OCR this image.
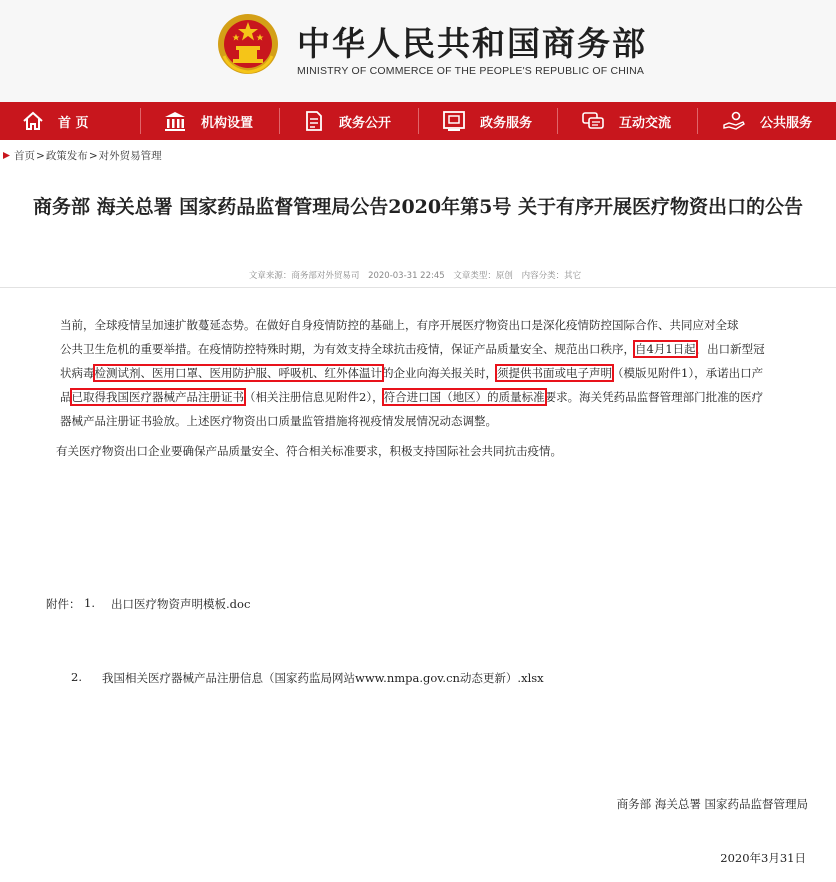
中华人民共和国商务部
MINISTRY OF COMMERCE OF THE PEOPLE'S REPUBLIC OF CHINA
首 页	机构设置	政务公开	政务服务	互动交流	公共服务
首页 > 政策发布 > 对外贸易管理
商务部 海关总署 国家药品监督管理局公告2020年第5号 关于有序开展医疗物资出口的公告
文章来源：商务部对外贸易司 2020-03-31 22:45 文章类型：原创 内容分类：其它
当前，全球疫情呈加速扩散蔓延态势。在做好自身疫情防控的基础上，有序开展医疗物资出口是深化疫情防控国际合作、共同应对全球
公共卫生危机的重要举措。在疫情防控特殊时期，为有效支持全球抗击疫情，保证产品质量安全、规范出口秩序，自4月1日起，出口新型冠
状病毒检测试剂、医用口罩、医用防护服、呼吸机、红外体温计的企业向海关报关时，须提供书面或电子声明（模版见附件1），承诺出口产
品已取得我国医疗器械产品注册证书（相关注册信息见附件2），符合进口国（地区）的质量标准要求。海关凭药品监督管理部门批准的医疗
器械产品注册证书验放。上述医疗物资出口质量监管措施将视疫情发展情况动态调整。
有关医疗物资出口企业要确保产品质量安全、符合相关标准要求，积极支持国际社会共同抗击疫情。
附件： 1. 出口医疗物资声明模板.doc
2. 我国相关医疗器械产品注册信息（国家药监局网站www.nmpa.gov.cn动态更新）.xlsx
商务部 海关总署 国家药品监督管理局
2020年3月31日
